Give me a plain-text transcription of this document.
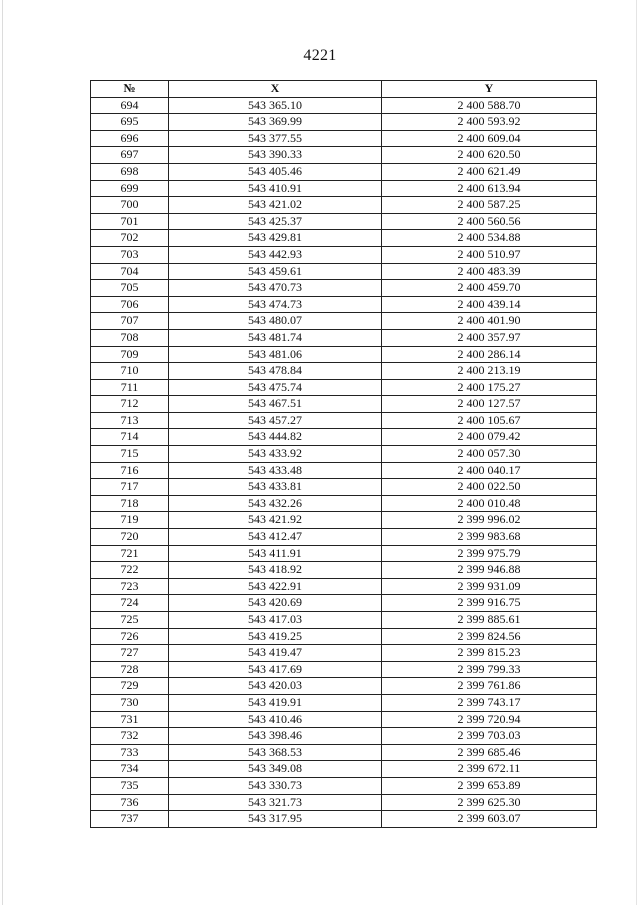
4221
№	X	Y
694	543 365.10	2 400 588.70
695	543 369.99	2 400 593.92
696	543 377.55	2 400 609.04
697	543 390.33	2 400 620.50
698	543 405.46	2 400 621.49
699	543 410.91	2 400 613.94
700	543 421.02	2 400 587.25
701	543 425.37	2 400 560.56
702	543 429.81	2 400 534.88
703	543 442.93	2 400 510.97
704	543 459.61	2 400 483.39
705	543 470.73	2 400 459.70
706	543 474.73	2 400 439.14
707	543 480.07	2 400 401.90
708	543 481.74	2 400 357.97
709	543 481.06	2 400 286.14
710	543 478.84	2 400 213.19
711	543 475.74	2 400 175.27
712	543 467.51	2 400 127.57
713	543 457.27	2 400 105.67
714	543 444.82	2 400 079.42
715	543 433.92	2 400 057.30
716	543 433.48	2 400 040.17
717	543 433.81	2 400 022.50
718	543 432.26	2 400 010.48
719	543 421.92	2 399 996.02
720	543 412.47	2 399 983.68
721	543 411.91	2 399 975.79
722	543 418.92	2 399 946.88
723	543 422.91	2 399 931.09
724	543 420.69	2 399 916.75
725	543 417.03	2 399 885.61
726	543 419.25	2 399 824.56
727	543 419.47	2 399 815.23
728	543 417.69	2 399 799.33
729	543 420.03	2 399 761.86
730	543 419.91	2 399 743.17
731	543 410.46	2 399 720.94
732	543 398.46	2 399 703.03
733	543 368.53	2 399 685.46
734	543 349.08	2 399 672.11
735	543 330.73	2 399 653.89
736	543 321.73	2 399 625.30
737	543 317.95	2 399 603.07
